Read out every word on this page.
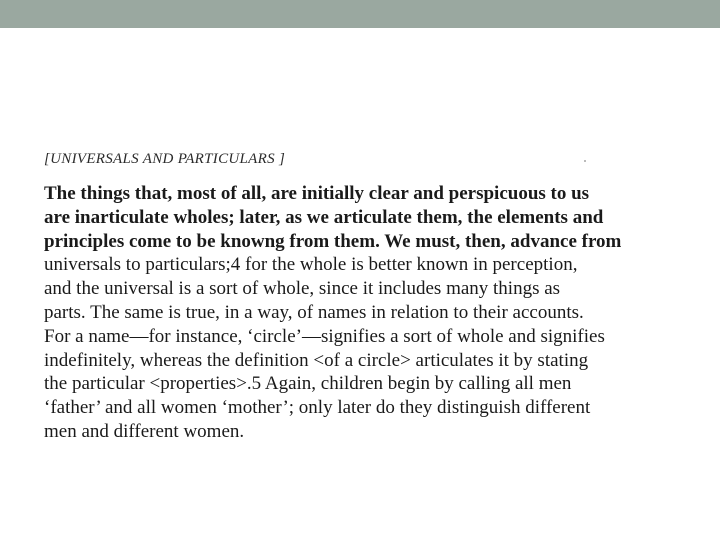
[UNIVERSALS AND PARTICULARS ]
The things that, most of all, are initially clear and perspicuous to us
are inarticulate wholes; later, as we articulate them, the elements and
principles come to be knowng from them. We must, then, advance from
universals to particulars;4 for the whole is better known in perception,
and the universal is a sort of whole, since it includes many things as
parts. The same is true, in a way, of names in relation to their accounts.
For a name—for instance, ‘circle’—signifies a sort of whole and signifies
indefinitely, whereas the definition <of a circle> articulates it by stating
the particular <properties>.5 Again, children begin by calling all men
‘father’ and all women ‘mother’; only later do they distinguish different
men and different women.
